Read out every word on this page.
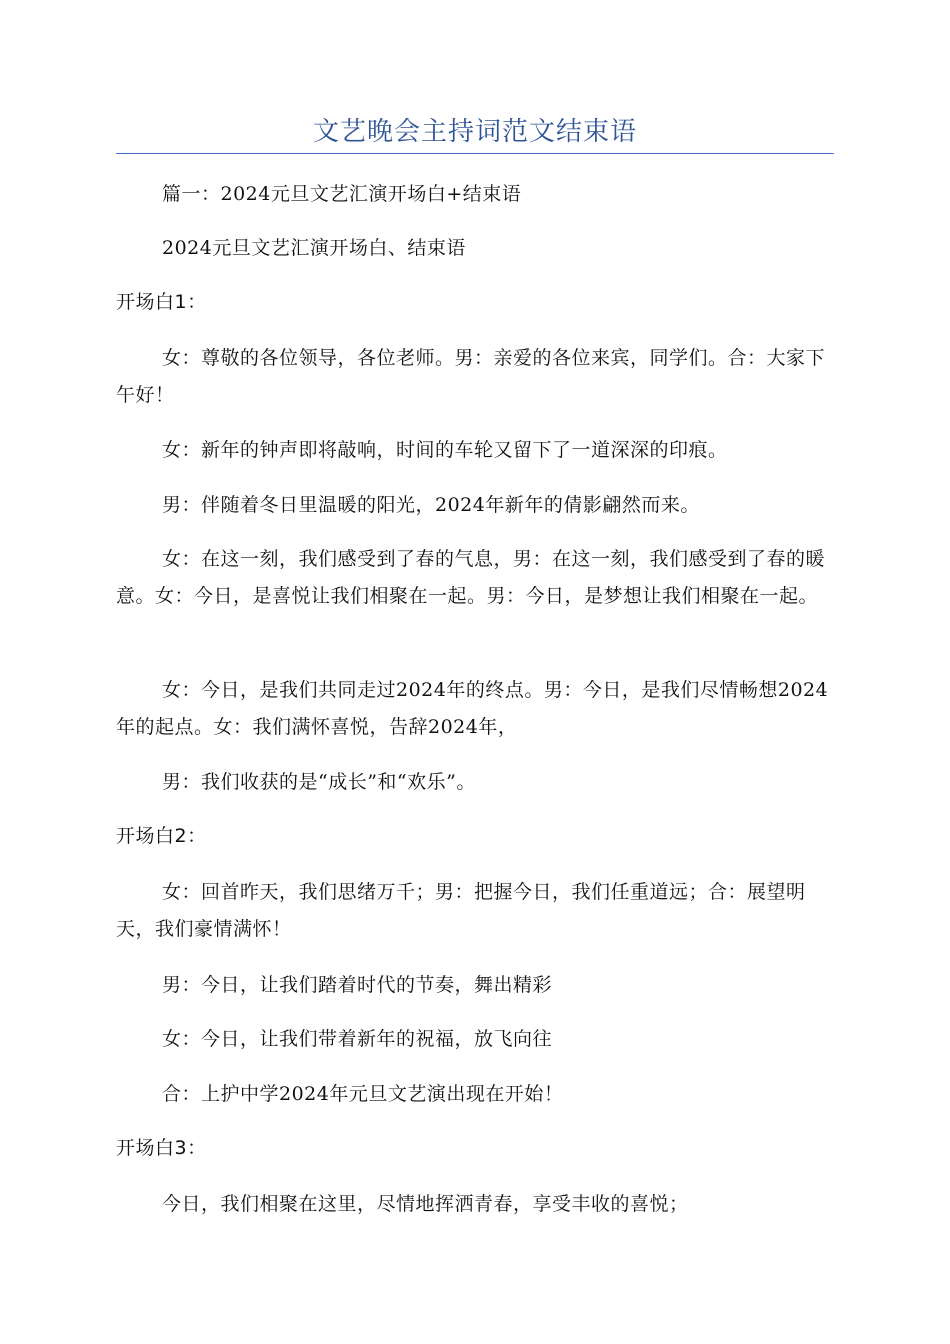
文艺晚会主持词范文结束语

篇一：2024元旦文艺汇演开场白+结束语

2024元旦文艺汇演开场白、结束语

开场白1：

女：尊敬的各位领导，各位老师。男：亲爱的各位来宾，同学们。合：大家下午好！

女：新年的钟声即将敲响，时间的车轮又留下了一道深深的印痕。

男：伴随着冬日里温暖的阳光，2024年新年的倩影翩然而来。

女：在这一刻，我们感受到了春的气息，男：在这一刻，我们感受到了春的暖意。女：今日，是喜悦让我们相聚在一起。男：今日，是梦想让我们相聚在一起。

女：今日，是我们共同走过2024年的终点。男：今日，是我们尽情畅想2024年的起点。女：我们满怀喜悦，告辞2024年，

男：我们收获的是“成长”和“欢乐”。

开场白2：

女：回首昨天，我们思绪万千；男：把握今日，我们任重道远；合：展望明天，我们豪情满怀！

男：今日，让我们踏着时代的节奏，舞出精彩

女：今日，让我们带着新年的祝福，放飞向往

合：上护中学2024年元旦文艺演出现在开始！

开场白3：

今日，我们相聚在这里，尽情地挥洒青春，享受丰收的喜悦；
